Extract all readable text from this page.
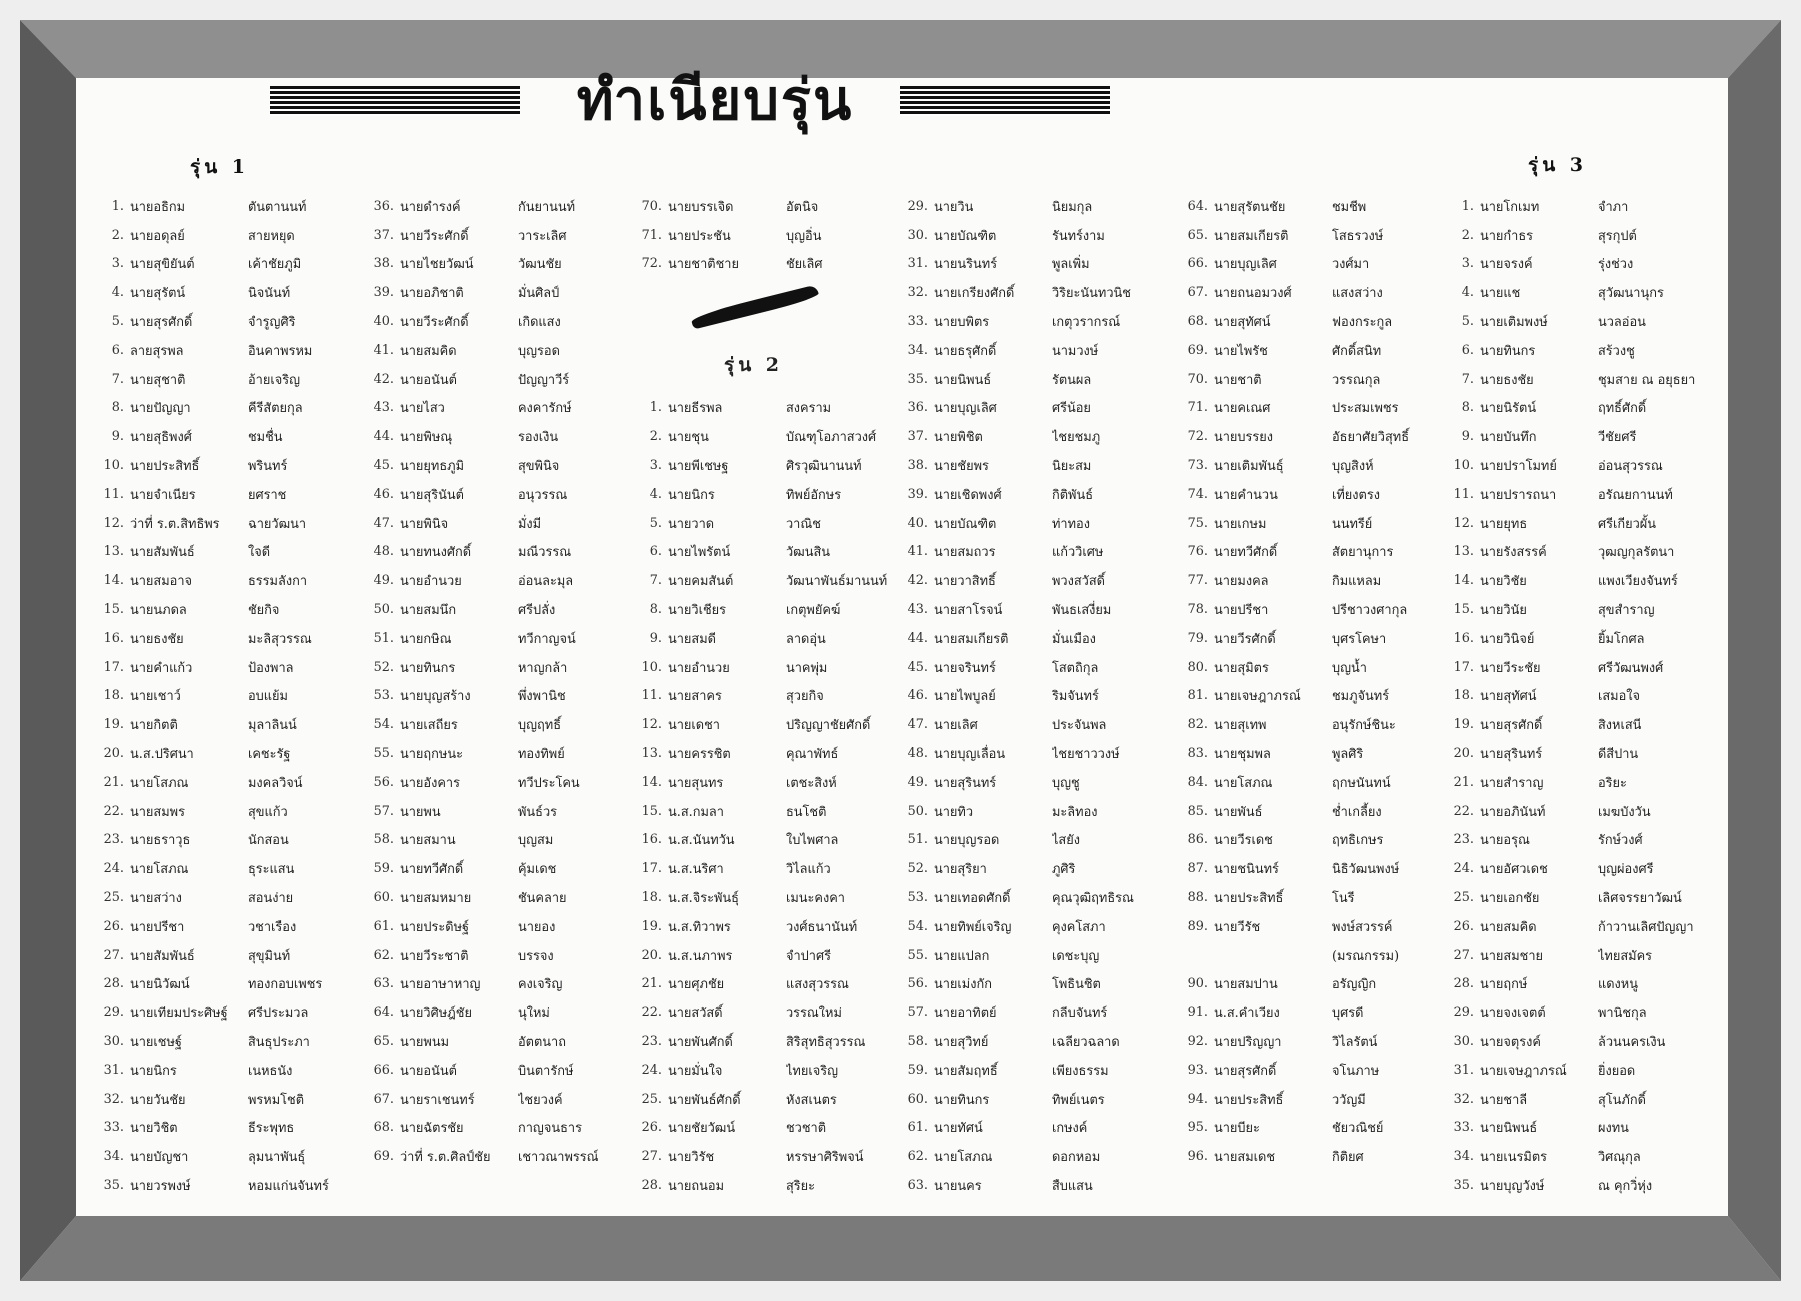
ทำเนียบรุ่น
รุ่น 1
รุ่น 2
รุ่น 3
1. นายอธิกม	ตันตานนท์
2. นายอดุลย์	สายหยุด
3. นายสุขิยันต์	เค้าชัยภูมิ
4. นายสุรัตน์	นิจนันท์
5. นายสุรศักดิ์	จำรูญศิริ
6. ลายสุรพล	อินคาพรหม
7. นายสุชาติ	อ้ายเจริญ
8. นายปัญญา	คีรีสัตยกุล
9. นายสุธิพงศ์	ชมชื่น
10. นายประสิทธิ์	พรินทร์
11. นายจำเนียร	ยศราช
12. ว่าที่ ร.ต.สิทธิพร	ฉายวัฒนา
13. นายสัมพันธ์	ใจดี
14. นายสมอาจ	ธรรมลังกา
15. นายนภดล	ชัยกิจ
16. นายธงชัย	มะลิสุวรรณ
17. นายคำแก้ว	ป้องพาล
18. นายเชาว์	อบแย้ม
19. นายกิตติ	มุลาลินน์
20. น.ส.ปริศนา	เคชะรัฐ
21. นายโสภณ	มงคลวิจน์
22. นายสมพร	สุขแก้ว
23. นายธราวุธ	นักสอน
24. นายโสภณ	ธุระแสน
25. นายสว่าง	สอนง่าย
26. นายปรีชา	วชาเรือง
27. นายสัมพันธ์	สุขุมินท์
28. นายนิวัฒน์	ทองกอบเพชร
29. นายเทียมประศิษฐ์	ศรีประมวล
30. นายเชษฐ์	สินธุประภา
31. นายนิกร	เนหธนัง
32. นายวันชัย	พรหมโชติ
33. นายวิชิต	ธีระพุทธ
34. นายบัญชา	ลุมนาพันธุ์
35. นายวรพงษ์	หอมแก่นจันทร์
36. นายดำรงค์	กันยานนท์
37. นายวีระศักดิ์	วาระเลิศ
38. นายไชยวัฒน์	วัฒนชัย
39. นายอภิชาติ	มั่นศิลป์
40. นายวีระศักดิ์	เกิดแสง
41. นายสมคิด	บุญรอด
42. นายอนันต์	ปัญญาวีร์
43. นายไสว	คงคารักษ์
44. นายพิษณุ	รองเงิน
45. นายยุทธภูมิ	สุขพินิจ
46. นายสุรินันต์	อนุวรรณ
47. นายพินิจ	มั่งมี
48. นายทนงศักดิ์	มณีวรรณ
49. นายอำนวย	อ่อนละมุล
50. นายสมนึก	ศรีปลั่ง
51. นายกษิณ	ทวีกาญจน์
52. นายทินกร	หาญกล้า
53. นายบุญสร้าง	พึ่งพานิช
54. นายเสถียร	บุญฤทธิ์
55. นายฤกษนะ	ทองทิพย์
56. นายอังคาร	ทวีประโคน
57. นายพน	พันธ์วร
58. นายสมาน	บุญสม
59. นายทวีศักดิ์	คุ้มเดช
60. นายสมหมาย	ชันคลาย
61. นายประดิษฐ์	นายอง
62. นายวีระชาติ	บรรจง
63. นายอาษาหาญ	คงเจริญ
64. นายวิศิษฎ์ชัย	นุใหม่
65. นายพนม	อัตตนาถ
66. นายอนันต์	บินตารักษ์
67. นายราเชนทร์	ไชยวงค์
68. นายฉัตรชัย	กาญจนธาร
69. ว่าที่ ร.ต.ศิลป์ชัย	เชาวณาพรรณ์
70. นายบรรเจิด	อัตนิจ
71. นายประชัน	บุญอิ่น
72. นายชาติชาย	ชัยเลิศ
1. นายธีรพล	สงคราม
2. นายชุน	บัณฑุโอภาสวงศ์
3. นายพีเชษฐ	ศิรวุฒินานนท์
4. นายนิกร	ทิพย์อักษร
5. นายวาด	วาณิช
6. นายไพรัตน์	วัฒนสิน
7. นายคมสันต์	วัฒนาพันธ์มานนท์
8. นายวิเชียร	เกตุพยัคฆ์
9. นายสมดี	ลาดอุ่น
10. นายอำนวย	นาคพุ่ม
11. นายสาคร	สุวยกิจ
12. นายเดชา	ปริญญาชัยศักดิ์
13. นายครรชิต	คุณาพัทธ์
14. นายสุนทร	เตชะสิงห์
15. น.ส.กมลา	ธนโชติ
16. น.ส.นันทวัน	ใบไพศาล
17. น.ส.นริศา	วิไลแก้ว
18. น.ส.จิระพันธุ์	เมนะคงคา
19. น.ส.ทิวาพร	วงศ์ธนานันท์
20. น.ส.นภาพร	จำปาศรี
21. นายศุภชัย	แสงสุวรรณ
22. นายสวัสดิ์	วรรณใหม่
23. นายพันศักดิ์	สิริสุทธิสุวรรณ
24. นายมั่นใจ	ไทยเจริญ
25. นายพันธ์ศักดิ์	หังสเนตร
26. นายชัยวัฒน์	ชวชาติ
27. นายวิรัช	หรรษาศิริพจน์
28. นายถนอม	สุริยะ
29. นายวิน	นิยมกุล
30. นายบัณฑิต	รันทร์งาม
31. นายนรินทร์	พูลเพิ่ม
32. นายเกรียงศักดิ์	วิริยะนันทวนิช
33. นายบพิตร	เกตุวรากรณ์
34. นายธรุศักดิ์	นามวงษ์
35. นายนิพนธ์	รัตนผล
36. นายบุญเลิศ	ศรีน้อย
37. นายพิชิต	ไชยชมภู
38. นายชัยพร	นิยะสม
39. นายเชิดพงศ์	กิติพันธ์
40. นายบัณฑิต	ท่าทอง
41. นายสมถวร	แก้ววิเศษ
42. นายวาสิทธิ์	พวงสวัสดิ์
43. นายสาโรจน์	พันธเสงี่ยม
44. นายสมเกียรติ	มั่นเมือง
45. นายจรินทร์	โสตถิกุล
46. นายไพบูลย์	ริมจันทร์
47. นายเลิศ	ประจันพล
48. นายบุญเลื่อน	ไชยชาววงษ์
49. นายสุรินทร์	บุญชู
50. นายทิว	มะลิทอง
51. นายบุญรอด	ไสยัง
52. นายสุริยา	ภูศิริ
53. นายเทอดศักดิ์	คุณวุฒิฤทธิรณ
54. นายทิพย์เจริญ	คุงคโสภา
55. นายแปลก	เดชะบุญ
56. นายเม่งกัก	โพธินชิต
57. นายอาทิตย์	กลีบจันทร์
58. นายสุวิทย์	เฉลียวฉลาด
59. นายสัมฤทธิ์	เพียงธรรม
60. นายทินกร	ทิพย์เนตร
61. นายทัศน์	เกษงค์
62. นายโสภณ	ดอกหอม
63. นายนคร	สืบแสน
64. นายสุรัตนชัย	ชมชีพ
65. นายสมเกียรติ	โสธรวงษ์
66. นายบุญเลิศ	วงศ์มา
67. นายถนอมวงศ์	แสงสว่าง
68. นายสุทัศน์	ฟองกระกูล
69. นายไพรัช	ศักดิ์สนิท
70. นายชาติ	วรรณกุล
71. นายคเณศ	ประสมเพชร
72. นายบรรยง	อัธยาศัยวิสุทธิ์
73. นายเติมพันธุ์	บุญสิงห์
74. นายคำนวน	เที่ยงตรง
75. นายเกษม	นนทรีย์
76. นายทวีศักดิ์	สัตยานุการ
77. นายมงคล	กิมแหลม
78. นายปรีชา	ปรีชาวงศากุล
79. นายวีรศักดิ์	บุศรโคษา
80. นายสุมิตร	บุญน้ำ
81. นายเจษฎาภรณ์	ชมภูจันทร์
82. นายสุเทพ	อนุรักษ์ชินะ
83. นายชุมพล	พูลศิริ
84. นายโสภณ	ฤกษนันทน์
85. นายพันธ์	ช่ำเกลี้ยง
86. นายวีรเดช	ฤทธิเกษร
87. นายชนินทร์	นิธิวัฒนพงษ์
88. นายประสิทธิ์	โนรี
89. นายวีรัช	พงษ์สวรรค์
(มรณกรรม)
90. นายสมปาน	อรัญญิก
91. น.ส.คำเวียง	บุศรดี
92. นายปริญญา	วิไลรัตน์
93. นายสุรศักดิ์	จโนภาษ
94. นายประสิทธิ์	ววัญมี
95. นายบียะ	ชัยวณิชย์
96. นายสมเดช	กิติยศ
1. นายโกเมท	จำภา
2. นายกำธร	สุรกุปต์
3. นายจรงค์	รุ่งช่วง
4. นายแช	สุวัฒนานุกร
5. นายเติมพงษ์	นวลอ่อน
6. นายทินกร	สร้วงชู
7. นายธงชัย	ชุมสาย ณ อยุธยา
8. นายนิรัตน์	ฤทธิ์ศักดิ์
9. นายบันทึก	วีชัยศรี
10. นายปราโมทย์	อ่อนสุวรรณ
11. นายปรารถนา	อรัณยกานนท์
12. นายยุทธ	ศรีเกียวผั้น
13. นายรังสรรค์	วุฒญกุลรัตนา
14. นายวิชัย	แพงเวียงจันทร์
15. นายวินัย	สุขสำราญ
16. นายวินิจย์	ยิ้มโกศล
17. นายวีระชัย	ศรีวัฒนพงศ์
18. นายสุทัศน์	เสมอใจ
19. นายสุรศักดิ์	สิงหเสนี
20. นายสุรินทร์	ดีสีปาน
21. นายสำราญ	อริยะ
22. นายอภินันท์	เมฆบังวัน
23. นายอรุณ	รักษ์วงศ์
24. นายอัศวเดช	บุญผ่องศรี
25. นายเอกชัย	เลิศจรรยาวัฒน์
26. นายสมคิด	ก้าวานเลิศปัญญา
27. นายสมชาย	ไทยสมัคร
28. นายฤกษ์	แดงหนู
29. นายจงเจตต์	พานิชกุล
30. นายจตุรงค์	ล้วนนครเงิน
31. นายเจษฎาภรณ์	ยิ่งยอด
32. นายชาลี	สุโนภักดิ์
33. นายนิพนธ์	ผงทน
34. นายเนรมิตร	วิศณุกุล
35. นายบุญวังษ์	ณ คุกวิ่หุ่ง
